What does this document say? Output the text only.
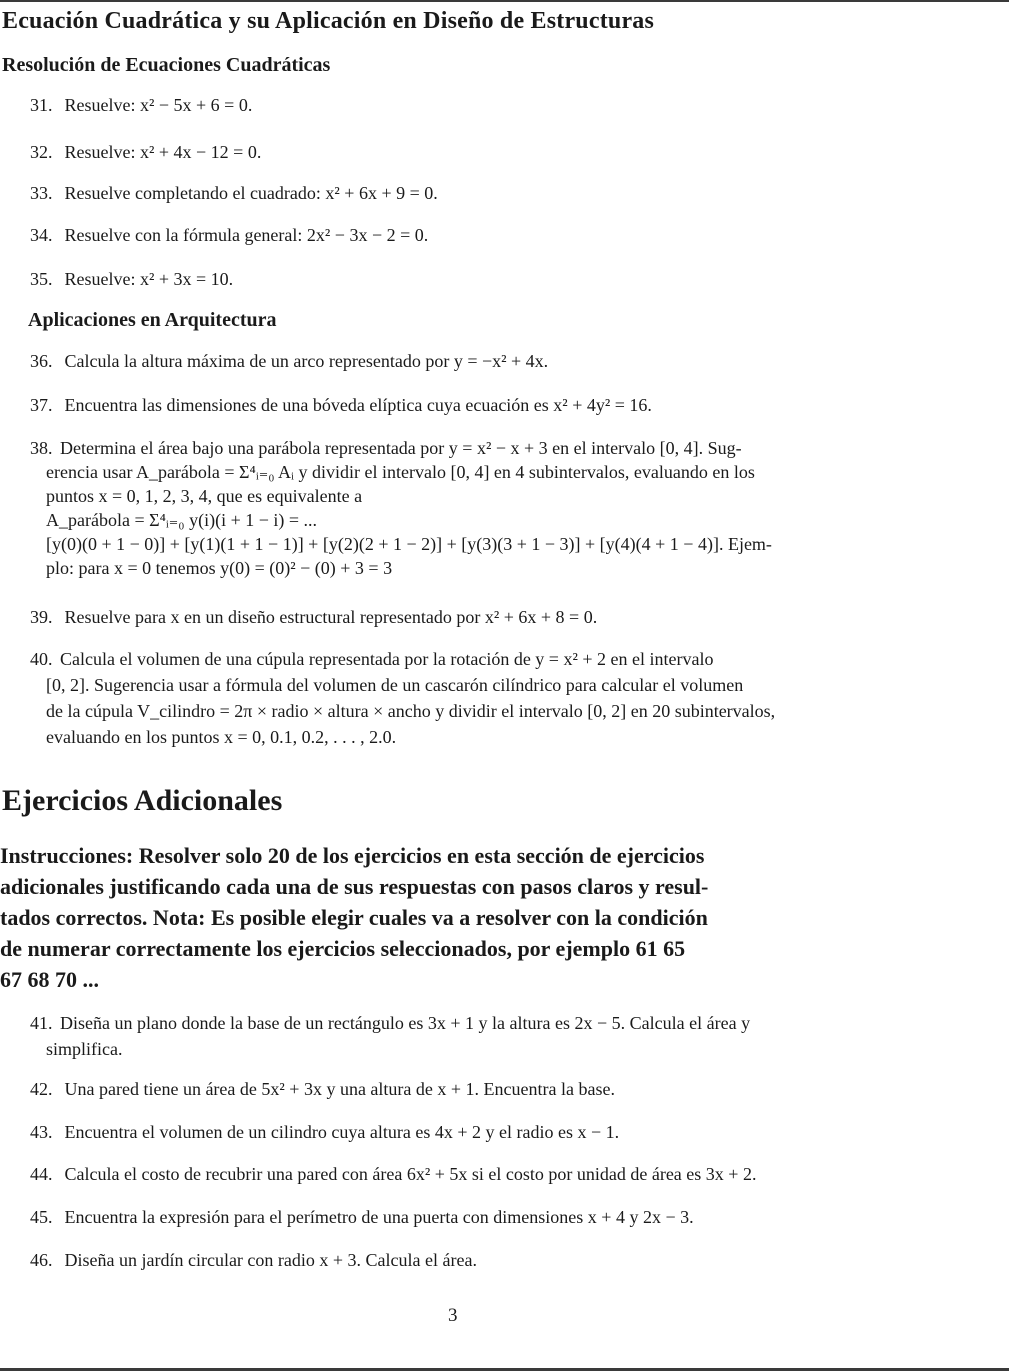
Ecuación Cuadrática y su Aplicación en Diseño de Estructuras
Resolución de Ecuaciones Cuadráticas
31. Resuelve: x² − 5x + 6 = 0.
32. Resuelve: x² + 4x − 12 = 0.
33. Resuelve completando el cuadrado: x² + 6x + 9 = 0.
34. Resuelve con la fórmula general: 2x² − 3x − 2 = 0.
35. Resuelve: x² + 3x = 10.
Aplicaciones en Arquitectura
36. Calcula la altura máxima de un arco representado por y = −x² + 4x.
37. Encuentra las dimensiones de una bóveda elíptica cuya ecuación es x² + 4y² = 16.
38. Determina el área bajo una parábola representada por y = x² − x + 3 en el intervalo [0, 4]. Sug-
erencia usar A_parábola = Σ⁴ᵢ₌₀ Aᵢ y dividir el intervalo [0, 4] en 4 subintervalos, evaluando en los
puntos x = 0, 1, 2, 3, 4, que es equivalente a
A_parábola = Σ⁴ᵢ₌₀ y(i)(i + 1 − i) = ...
[y(0)(0 + 1 − 0)] + [y(1)(1 + 1 − 1)] + [y(2)(2 + 1 − 2)] + [y(3)(3 + 1 − 3)] + [y(4)(4 + 1 − 4)]. Ejem-
plo: para x = 0 tenemos y(0) = (0)² − (0) + 3 = 3
39. Resuelve para x en un diseño estructural representado por x² + 6x + 8 = 0.
40. Calcula el volumen de una cúpula representada por la rotación de y = x² + 2 en el intervalo
[0, 2]. Sugerencia usar a fórmula del volumen de un cascarón cilíndrico para calcular el volumen
de la cúpula V_cilindro = 2π × radio × altura × ancho y dividir el intervalo [0, 2] en 20 subintervalos,
evaluando en los puntos x = 0, 0.1, 0.2, . . . , 2.0.
Ejercicios Adicionales

Instrucciones: Resolver solo 20 de los ejercicios en esta sección de ejercicios
adicionales justificando cada una de sus respuestas con pasos claros y resul-
tados correctos. Nota: Es posible elegir cuales va a resolver con la condición
de numerar correctamente los ejercicios seleccionados, por ejemplo 61 65
67 68 70 ...

41. Diseña un plano donde la base de un rectángulo es 3x + 1 y la altura es 2x − 5. Calcula el área y
simplifica.
42. Una pared tiene un área de 5x² + 3x y una altura de x + 1. Encuentra la base.
43. Encuentra el volumen de un cilindro cuya altura es 4x + 2 y el radio es x − 1.
44. Calcula el costo de recubrir una pared con área 6x² + 5x si el costo por unidad de área es 3x + 2.
45. Encuentra la expresión para el perímetro de una puerta con dimensiones x + 4 y 2x − 3.
46. Diseña un jardín circular con radio x + 3. Calcula el área.
3
